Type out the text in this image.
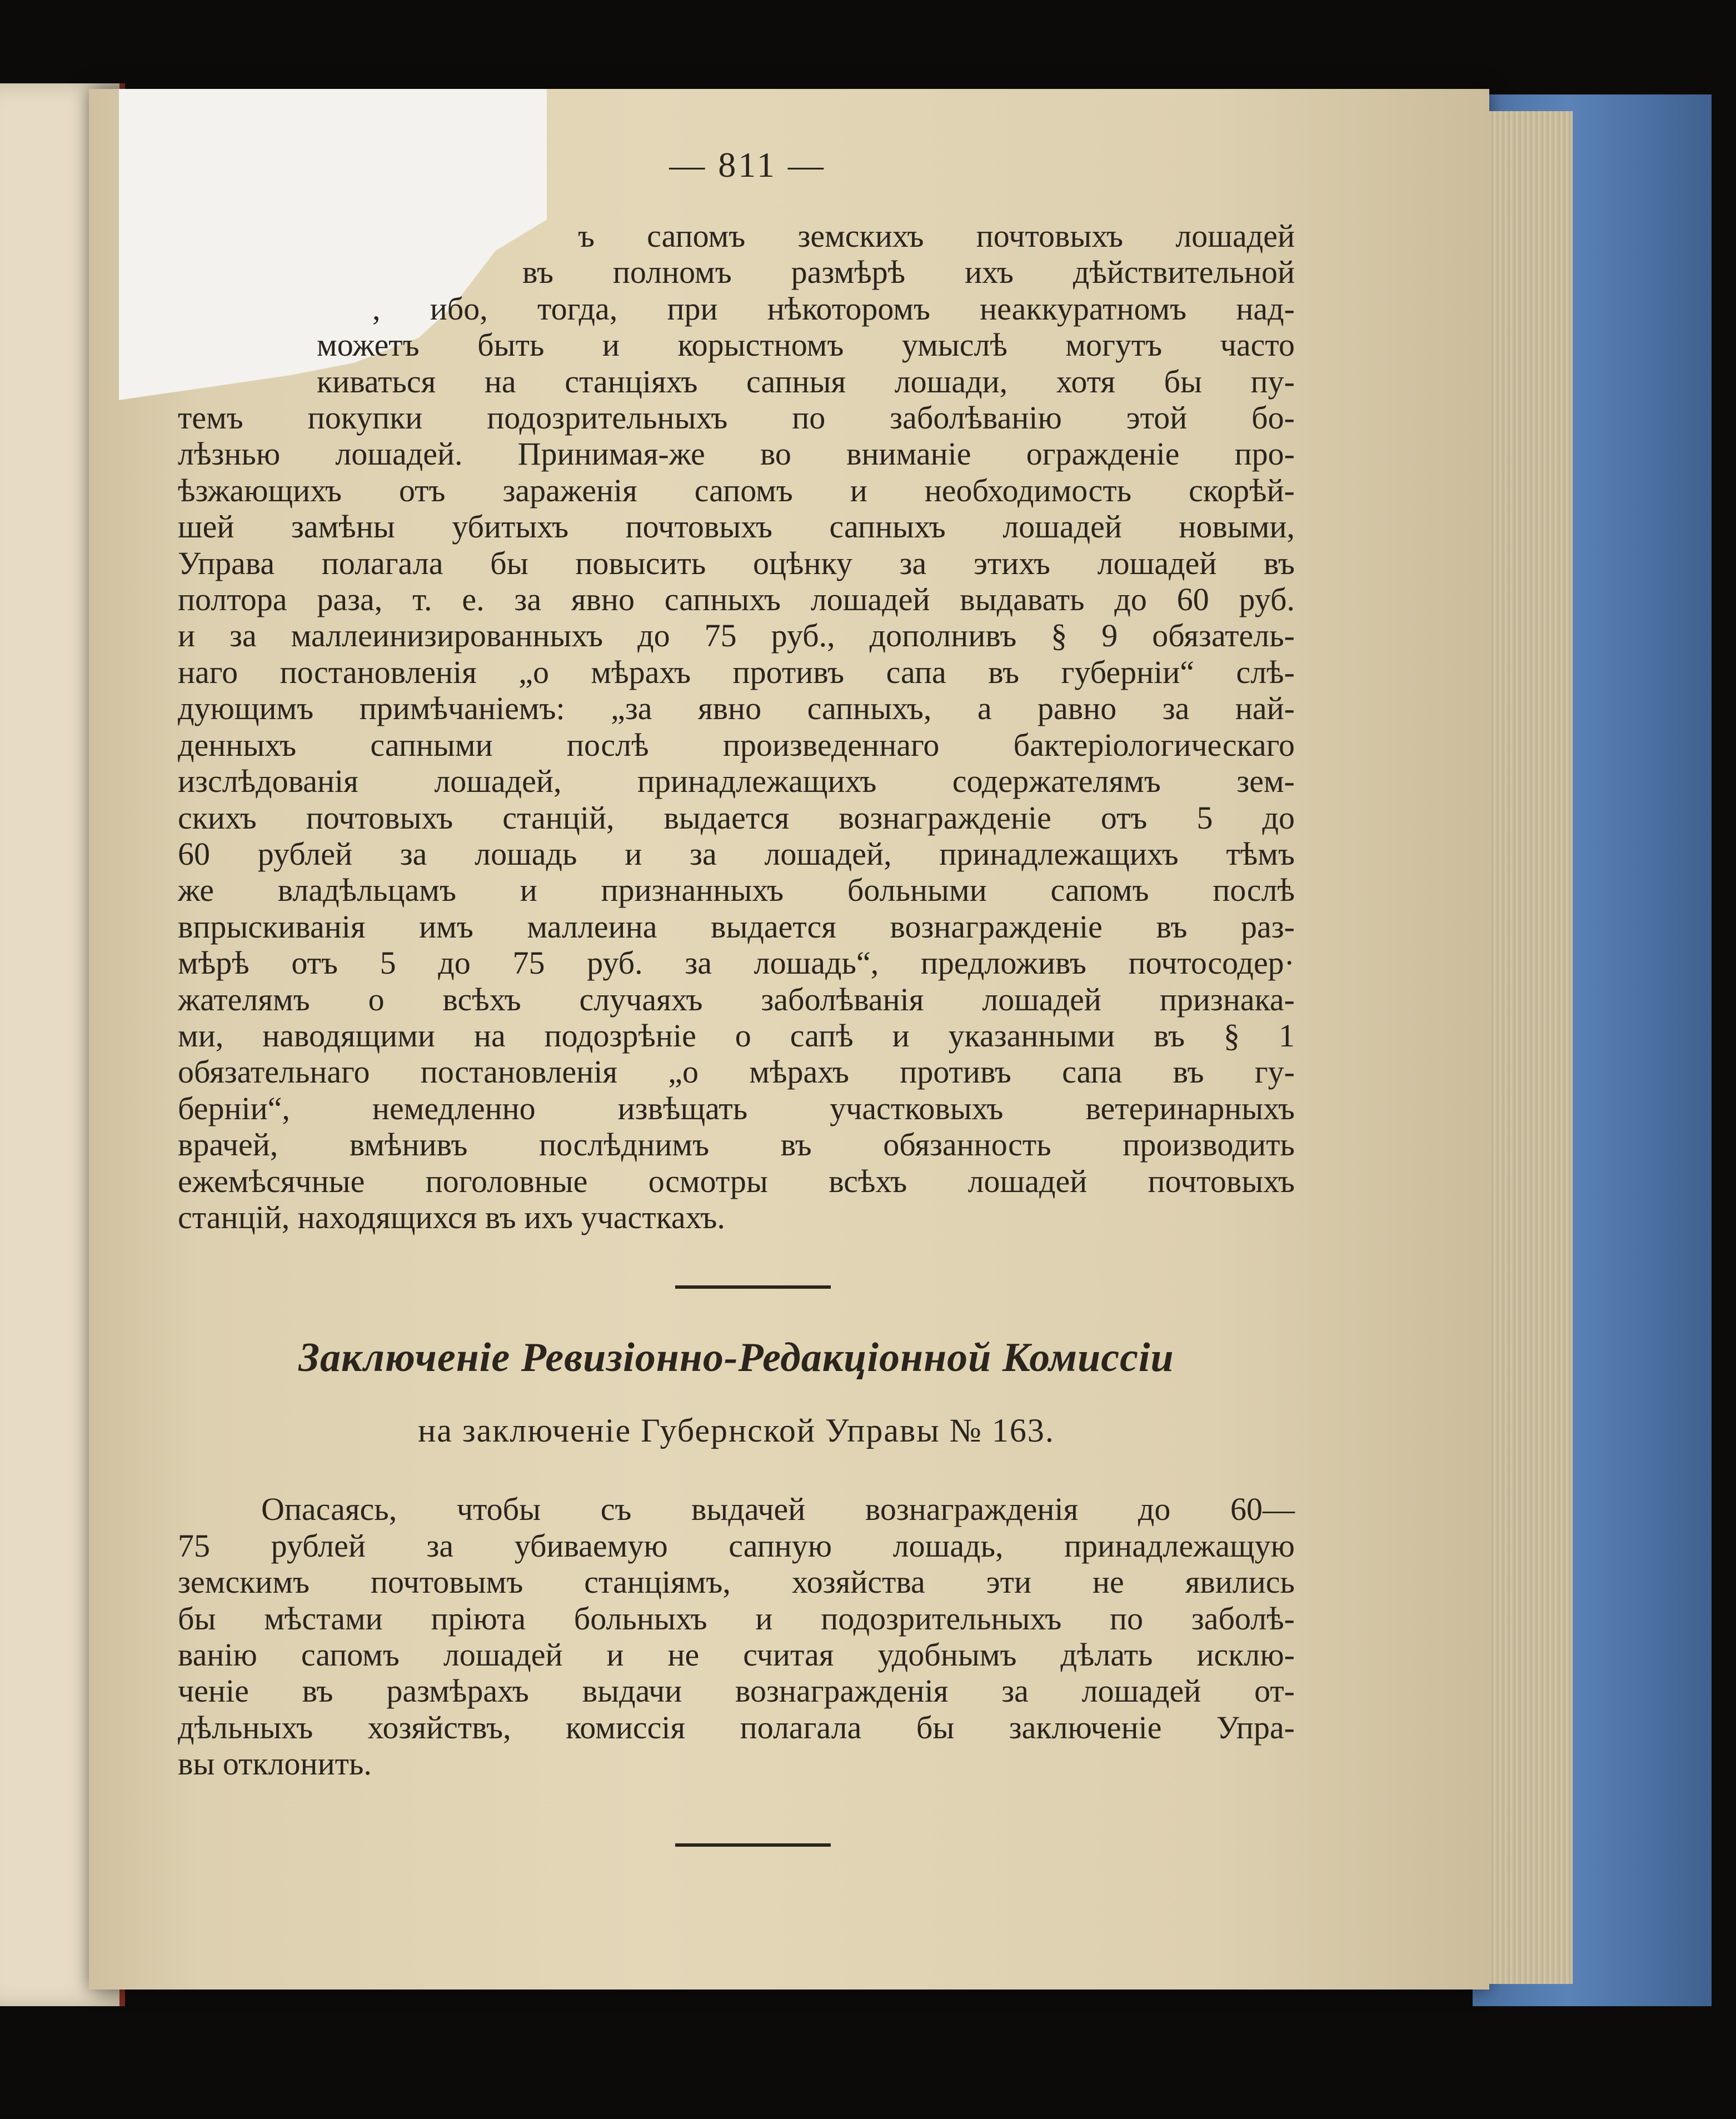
— 811 —
ъ сапомъ земскихъ почтовыхъ лошадей
въ полномъ размѣрѣ ихъ дѣйствительной
, ибо, тогда, при нѣкоторомъ неаккуратномъ над-
можетъ быть и корыстномъ умыслѣ могутъ часто
киваться на станціяхъ сапныя лошади, хотя бы пу-
темъ покупки подозрительныхъ по заболѣванію этой бо-
лѣзнью лошадей. Принимая-же во вниманіе огражденіе про-
ѣзжающихъ отъ зараженія сапомъ и необходимость скорѣй-
шей замѣны убитыхъ почтовыхъ сапныхъ лошадей новыми,
Управа полагала бы повысить оцѣнку за этихъ лошадей въ
полтора раза, т. е. за явно сапныхъ лошадей выдавать до 60 руб.
и за маллеинизированныхъ до 75 руб., дополнивъ § 9 обязатель-
наго постановленія „о мѣрахъ противъ сапа въ губерніи“ слѣ-
дующимъ примѣчаніемъ: „за явно сапныхъ, а равно за най-
денныхъ сапными послѣ произведеннаго бактеріологическаго
изслѣдованія лошадей, принадлежащихъ содержателямъ зем-
скихъ почтовыхъ станцій, выдается вознагражденіе отъ 5 до
60 рублей за лошадь и за лошадей, принадлежащихъ тѣмъ
же владѣльцамъ и признанныхъ больными сапомъ послѣ
впрыскиванія имъ маллеина выдается вознагражденіе въ раз-
мѣрѣ отъ 5 до 75 руб. за лошадь“, предложивъ почтосодер·
жателямъ о всѣхъ случаяхъ заболѣванія лошадей признака-
ми, наводящими на подозрѣніе о сапѣ и указанными въ § 1
обязательнаго постановленія „о мѣрахъ противъ сапа въ гу-
берніи“, немедленно извѣщать участковыхъ ветеринарныхъ
врачей, вмѣнивъ послѣднимъ въ обязанность производить
ежемѣсячные поголовные осмотры всѣхъ лошадей почтовыхъ
станцій, находящихся въ ихъ участкахъ.
Заключеніе Ревизіонно-Редакціонной Комиссіи
на заключеніе Губернской Управы № 163.
Опасаясь, чтобы съ выдачей вознагражденія до 60—
75 рублей за убиваемую сапную лошадь, принадлежащую
земскимъ почтовымъ станціямъ, хозяйства эти не явились
бы мѣстами пріюта больныхъ и подозрительныхъ по заболѣ-
ванію сапомъ лошадей и не считая удобнымъ дѣлать исклю-
ченіе въ размѣрахъ выдачи вознагражденія за лошадей от-
дѣльныхъ хозяйствъ, комиссія полагала бы заключеніе Упра-
вы отклонить.
